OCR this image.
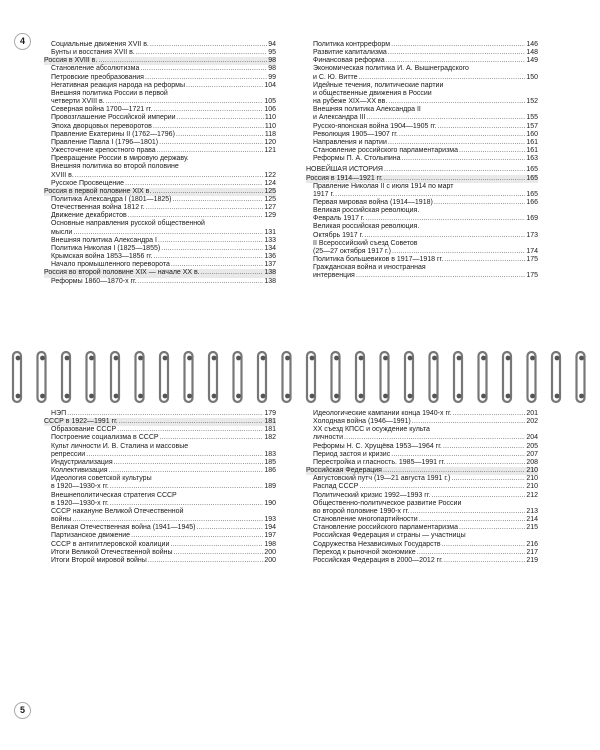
4	Социальные движения XVII в. .....	94
Бунты и восстания XVII в. .....	95
Россия в XVIII в. .....	98
Становление абсолютизма .....	98
Петровские преобразования .....	99
Негативная реакция народа на реформы .....	104
Внешняя политика России в первой
четверти XVIII в. .....	105
Северная война 1700—1721 гг. .....	106
Провозглашение Российской империи .....	110
Эпоха дворцовых переворотов .....	110
Правление Екатерины II (1762—1796) .....	118
Правление Павла I (1796—1801) .....	120
Ужесточение крепостного права .....	121
Превращение России в мировую державу.
Внешняя политика во второй половине
XVIII в. .....	122
Русское Просвещение .....	124
Россия в первой половине XIX в. .....	125
Политика Александра I (1801—1825) .....	125
Отечественная война 1812 г. .....	127
Движение декабристов .....	129
Основные направления русской общественной
мысли .....	131
Внешняя политика Александра I .....	133
Политика Николая I (1825—1855) .....	134
Крымская война 1853—1856 гг. .....	136
Начало промышленного переворота .....	137
Россия во второй половине XIX — начале XX в. .....	138
Реформы 1860—1870-х гг. .....	138
Политика контрреформ .....	146
Развитие капитализма .....	148
Финансовая реформа .....	149
Экономическая политика И. А. Вышнеградского
и С. Ю. Витте .....	150
Идейные течения, политические партии
и общественные движения в России
на рубеже XIX—XX вв. .....	152
Внешняя политика Александра II
и Александра III .....	155
Русско-японская война 1904—1905 гг. .....	157
Революция 1905—1907 гг. .....	160
Направления и партии .....	161
Становление российского парламентаризма .....	161
Реформы П. А. Столыпина .....	163
НОВЕЙШАЯ ИСТОРИЯ .....	165
Россия в 1914—1921 гг. .....	165
Правление Николая II с июля 1914 по март
1917 г. .....	165
Первая мировая война (1914—1918) .....	166
Великая российская революция.
Февраль 1917 г. .....	169
Великая российская революция.
Октябрь 1917 г. .....	173
II Всероссийский съезд Советов
(25—27 октября 1917 г.) .....	174
Политика большевиков в 1917—1918 гг. .....	175
Гражданская война и иностранная
интервенция .....	175
НЭП .....	179
СССР в 1922—1991 гг. .....	181
Образование СССР .....	181
Построение социализма в СССР .....	182
Культ личности И. В. Сталина и массовые
репрессии .....	183
Индустриализация .....	185
Коллективизация .....	186
Идеология советской культуры
в 1920—1930-х гг. .....	189
Внешнеполитическая стратегия СССР
в 1920—1930-х гг. .....	190
СССР накануне Великой Отечественной
войны .....	193
Великая Отечественная война (1941—1945) .....	194
Партизанское движение .....	197
СССР в антигитлеровской коалиции .....	198
Итоги Великой Отечественной войны .....	200
Итоги Второй мировой войны .....	200
Идеологические кампании конца 1940-х гг. .....	201
Холодная война (1946—1991) .....	202
XX съезд КПСС и осуждение культа
личности .....	204
Реформы Н. С. Хрущёва 1953—1964 гг. .....	205
Период застоя и кризис .....	207
Перестройка и гласность. 1985—1991 гг. .....	208
Российская Федерация .....	210
Августовский путч (19—21 августа 1991 г.) .....	210
Распад СССР .....	210
Политический кризис 1992—1993 гг. .....	212
Общественно-политическое развитие России
во второй половине 1990-х гг. .....	213
Становление многопартийности .....	214
Становление российского парламентаризма .....	215
Российская Федерация и страны — участницы
Содружества Независимых Государств .....	216
Переход к рыночной экономике .....	217
Российская Федерация в 2000—2012 гг. .....	219
5
